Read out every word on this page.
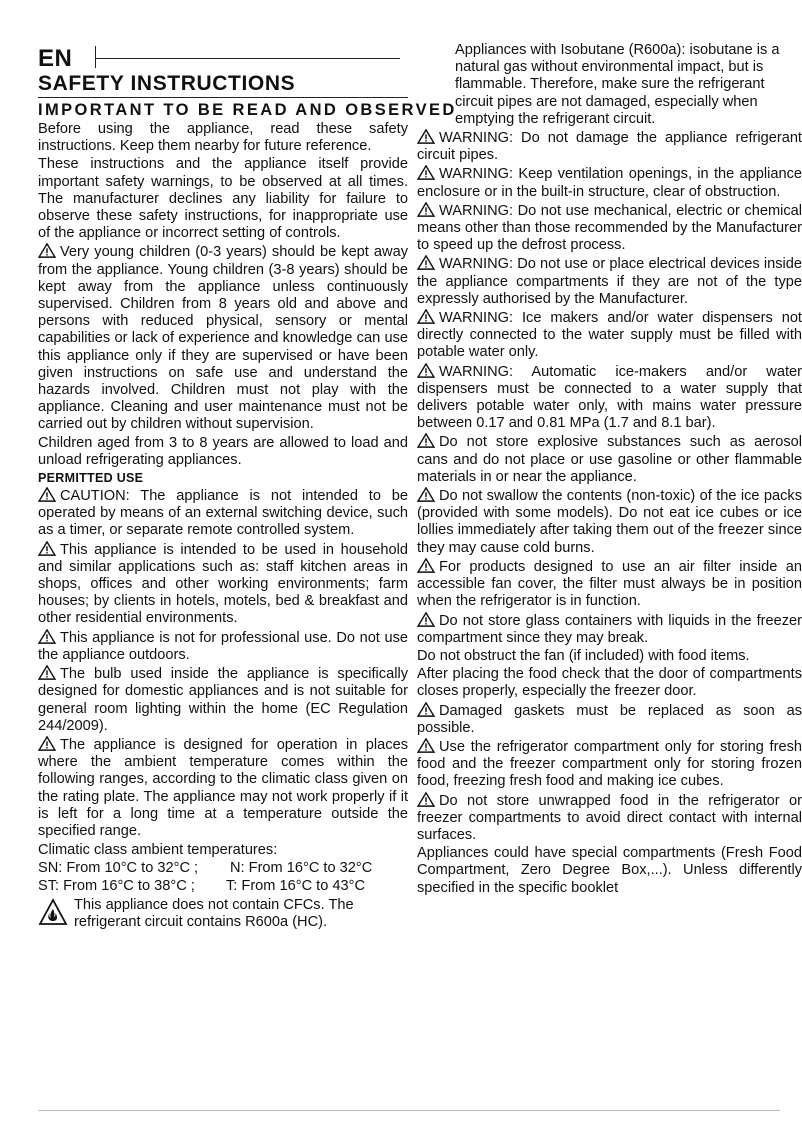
EN
SAFETY INSTRUCTIONS
IMPORTANT TO BE READ AND OBSERVED

Before using the appliance, read these safety instructions. Keep them nearby for future reference.

These instructions and the appliance itself provide important safety warnings, to be observed at all times. The manufacturer declines any liability for failure to observe these safety instructions, for inappropriate use of the appliance or incorrect setting of controls.

Very young children (0-3 years) should be kept away from the appliance. Young children (3-8 years) should be kept away from the appliance unless continuously supervised. Children from 8 years old and above and persons with reduced physical, sensory or mental capabilities or lack of experience and knowledge can use this appliance only if they are supervised or have been given instructions on safe use and understand the hazards involved. Children must not play with the appliance. Cleaning and user maintenance must not be carried out by children without supervision.

Children aged from 3 to 8 years are allowed to load and unload refrigerating appliances.

PERMITTED USE

CAUTION: The appliance is not intended to be operated by means of an external switching device, such as a timer, or separate remote controlled system.

This appliance is intended to be used in household and similar applications such as: staff kitchen areas in shops, offices and other working environments; farm houses; by clients in hotels, motels, bed & breakfast and other residential environments.

This appliance is not for professional use. Do not use the appliance outdoors.

The bulb used inside the appliance is specifically designed for domestic appliances and is not suitable for general room lighting within the home (EC Regulation 244/2009).

The appliance is designed for operation in places where the ambient temperature comes within the following ranges, according to the climatic class given on the rating plate. The appliance may not work properly if it is left for a long time at a temperature outside the specified range.

Climatic class ambient temperatures:
SN: From 10°C to 32°C ;	N: From 16°C to 32°C
ST: From 16°C to 38°C ;	T: From 16°C to 43°C

This appliance does not contain CFCs. The refrigerant circuit contains R600a (HC).

Appliances with Isobutane (R600a): isobutane is a natural gas without environmental impact, but is flammable. Therefore, make sure the refrigerant circuit pipes are not damaged, especially when emptying the refrigerant circuit.

WARNING: Do not damage the appliance refrigerant circuit pipes.

WARNING: Keep ventilation openings, in the appliance enclosure or in the built-in structure, clear of obstruction.

WARNING: Do not use mechanical, electric or chemical means other than those recommended by the Manufacturer to speed up the defrost process.

WARNING: Do not use or place electrical devices inside the appliance compartments if they are not of the type expressly authorised by the Manufacturer.

WARNING: Ice makers and/or water dispensers not directly connected to the water supply must be filled with potable water only.

WARNING: Automatic ice-makers and/or water dispensers must be connected to a water supply that delivers potable water only, with mains water pressure between 0.17 and 0.81 MPa (1.7 and 8.1 bar).

Do not store explosive substances such as aerosol cans and do not place or use gasoline or other flammable materials in or near the appliance.

Do not swallow the contents (non-toxic) of the ice packs (provided with some models). Do not eat ice cubes or ice lollies immediately after taking them out of the freezer since they may cause cold burns.

For products designed to use an air filter inside an accessible fan cover, the filter must always be in position when the refrigerator is in function.

Do not store glass containers with liquids in the freezer compartment since they may break.

Do not obstruct the fan (if included) with food items.

After placing the food check that the door of compartments closes properly, especially the freezer door.

Damaged gaskets must be replaced as soon as possible.

Use the refrigerator compartment only for storing fresh food and the freezer compartment only for storing frozen food, freezing fresh food and making ice cubes.

Do not store unwrapped food in the refrigerator or freezer compartments to avoid direct contact with internal surfaces.

Appliances could have special compartments (Fresh Food Compartment, Zero Degree Box,...). Unless differently specified in the specific booklet
